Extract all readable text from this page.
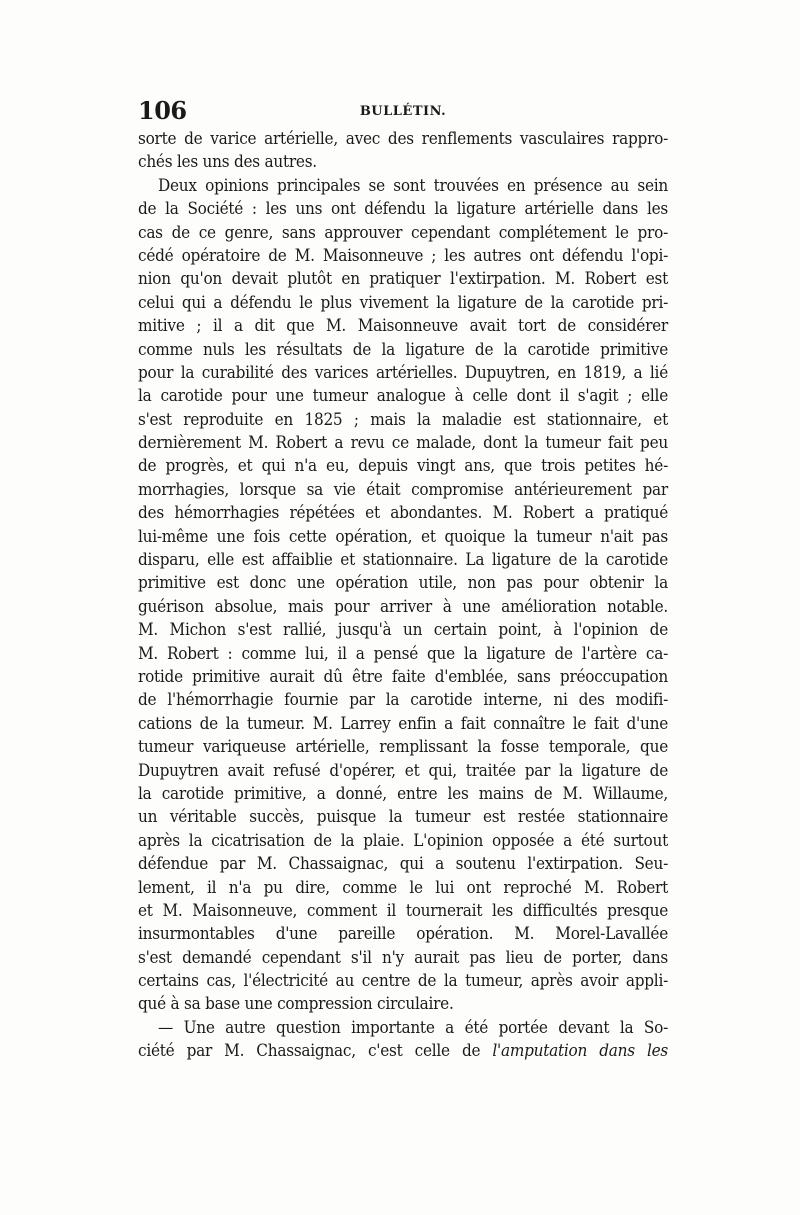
106	BULLÉTIN.
sorte de varice artérielle, avec des renflements vasculaires rappro-
chés les uns des autres.
Deux opinions principales se sont trouvées en présence au sein
de la Société : les uns ont défendu la ligature artérielle dans les
cas de ce genre, sans approuver cependant complétement le pro-
cédé opératoire de M. Maisonneuve ; les autres ont défendu l'opi-
nion qu'on devait plutôt en pratiquer l'extirpation. M. Robert est
celui qui a défendu le plus vivement la ligature de la carotide pri-
mitive ; il a dit que M. Maisonneuve avait tort de considérer
comme nuls les résultats de la ligature de la carotide primitive
pour la curabilité des varices artérielles. Dupuytren, en 1819, a lié
la carotide pour une tumeur analogue à celle dont il s'agit ; elle
s'est reproduite en 1825 ; mais la maladie est stationnaire, et
dernièrement M. Robert a revu ce malade, dont la tumeur fait peu
de progrès, et qui n'a eu, depuis vingt ans, que trois petites hé-
morrhagies, lorsque sa vie était compromise antérieurement par
des hémorrhagies répétées et abondantes. M. Robert a pratiqué
lui-même une fois cette opération, et quoique la tumeur n'ait pas
disparu, elle est affaiblie et stationnaire. La ligature de la carotide
primitive est donc une opération utile, non pas pour obtenir la
guérison absolue, mais pour arriver à une amélioration notable.
M. Michon s'est rallié, jusqu'à un certain point, à l'opinion de
M. Robert : comme lui, il a pensé que la ligature de l'artère ca-
rotide primitive aurait dû être faite d'emblée, sans préoccupation
de l'hémorrhagie fournie par la carotide interne, ni des modifi-
cations de la tumeur. M. Larrey enfin a fait connaître le fait d'une
tumeur variqueuse artérielle, remplissant la fosse temporale, que
Dupuytren avait refusé d'opérer, et qui, traitée par la ligature de
la carotide primitive, a donné, entre les mains de M. Willaume,
un véritable succès, puisque la tumeur est restée stationnaire
après la cicatrisation de la plaie. L'opinion opposée a été surtout
défendue par M. Chassaignac, qui a soutenu l'extirpation. Seu-
lement, il n'a pu dire, comme le lui ont reproché M. Robert
et M. Maisonneuve, comment il tournerait les difficultés presque
insurmontables d'une pareille opération. M. Morel-Lavallée
s'est demandé cependant s'il n'y aurait pas lieu de porter, dans
certains cas, l'électricité au centre de la tumeur, après avoir appli-
qué à sa base une compression circulaire.
— Une autre question importante a été portée devant la So-
ciété par M. Chassaignac, c'est celle de l'amputation dans les
